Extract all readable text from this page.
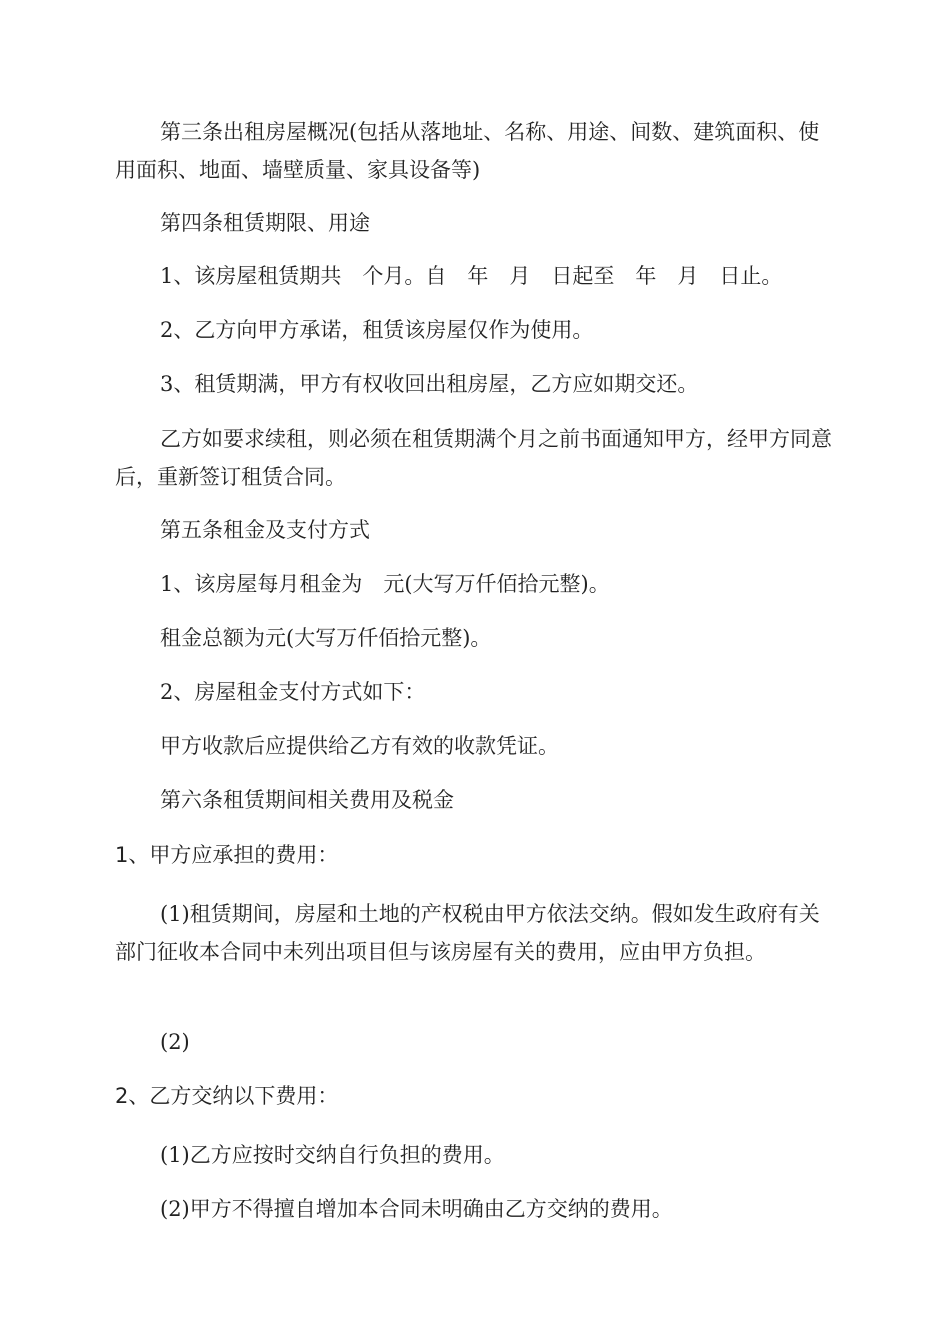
第三条出租房屋概况(包括从落地址、名称、用途、间数、建筑面积、使用面积、地面、墙壁质量、家具设备等)

第四条租赁期限、用途

1、该房屋租赁期共　个月。自　年　月　日起至　年　月　日止。

2、乙方向甲方承诺，租赁该房屋仅作为使用。

3、租赁期满，甲方有权收回出租房屋，乙方应如期交还。

乙方如要求续租，则必须在租赁期满个月之前书面通知甲方，经甲方同意后，重新签订租赁合同。

第五条租金及支付方式

1、该房屋每月租金为　元(大写万仟佰拾元整)。

租金总额为元(大写万仟佰拾元整)。

2、房屋租金支付方式如下：

甲方收款后应提供给乙方有效的收款凭证。

第六条租赁期间相关费用及税金

1、甲方应承担的费用：

(1)租赁期间，房屋和土地的产权税由甲方依法交纳。假如发生政府有关部门征收本合同中未列出项目但与该房屋有关的费用，应由甲方负担。

(2)

2、乙方交纳以下费用：

(1)乙方应按时交纳自行负担的费用。

(2)甲方不得擅自增加本合同未明确由乙方交纳的费用。
